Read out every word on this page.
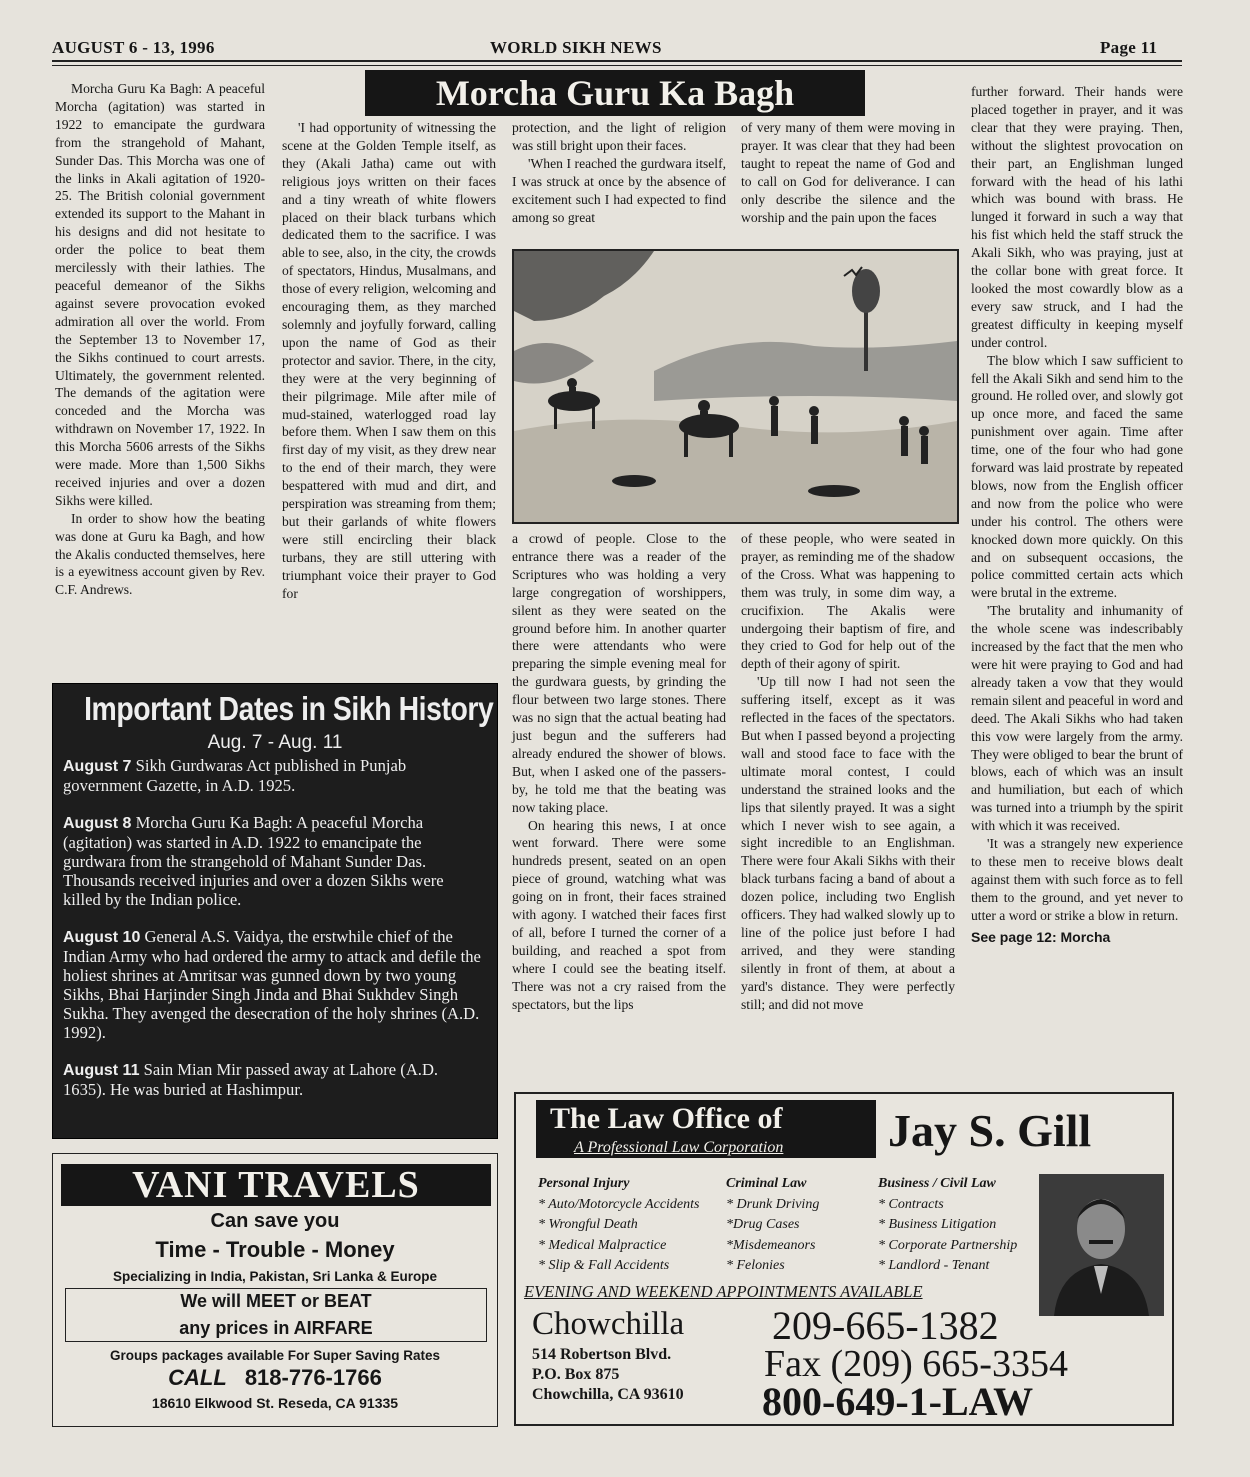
AUGUST 6 - 13, 1996	WORLD SIKH NEWS	Page 11
Morcha Guru Ka Bagh

Morcha Guru Ka Bagh: A peaceful Morcha (agitation) was started in 1922 to emancipate the gurdwara from the strangehold of Mahant, Sunder Das. This Morcha was one of the links in Akali agitation of 1920-25. The British colonial government extended its support to the Mahant in his designs and did not hesitate to order the police to beat them mercilessly with their lathies. The peaceful demeanor of the Sikhs against severe provocation evoked admiration all over the world. From the September 13 to November 17, the Sikhs continued to court arrests. Ultimately, the government relented. The demands of the agitation were conceded and the Morcha was withdrawn on November 17, 1922. In this Morcha 5606 arrests of the Sikhs were made. More than 1,500 Sikhs received injuries and over a dozen Sikhs were killed.

In order to show how the beating was done at Guru ka Bagh, and how the Akalis conducted themselves, here is a eyewitness account given by Rev. C.F. Andrews.

'I had opportunity of witnessing the scene at the Golden Temple itself, as they (Akali Jatha) came out with religious joys written on their faces and a tiny wreath of white flowers placed on their black turbans which dedicated them to the sacrifice. I was able to see, also, in the city, the crowds of spectators, Hindus, Musalmans, and those of every religion, welcoming and encouraging them, as they marched solemnly and joyfully forward, calling upon the name of God as their protector and savior. There, in the city, they were at the very beginning of their pilgrimage. Mile after mile of mud-stained, waterlogged road lay before them. When I saw them on this first day of my visit, as they drew near to the end of their march, they were bespattered with mud and dirt, and perspiration was streaming from them; but their garlands of white flowers were still encircling their black turbans, they are still uttering with triumphant voice their prayer to God for

protection, and the light of religion was still bright upon their faces.

'When I reached the gurdwara itself, I was struck at once by the absence of excitement such I had expected to find among so great

of very many of them were moving in prayer. It was clear that they had been taught to repeat the name of God and to call on God for deliverance. I can only describe the silence and the worship and the pain upon the faces

a crowd of people. Close to the entrance there was a reader of the Scriptures who was holding a very large congregation of worshippers, silent as they were seated on the ground before him. In another quarter there were attendants who were preparing the simple evening meal for the gurdwara guests, by grinding the flour between two large stones. There was no sign that the actual beating had just begun and the sufferers had already endured the shower of blows. But, when I asked one of the passers-by, he told me that the beating was now taking place.

On hearing this news, I at once went forward. There were some hundreds present, seated on an open piece of ground, watching what was going on in front, their faces strained with agony. I watched their faces first of all, before I turned the corner of a building, and reached a spot from where I could see the beating itself. There was not a cry raised from the spectators, but the lips

of these people, who were seated in prayer, as reminding me of the shadow of the Cross. What was happening to them was truly, in some dim way, a crucifixion. The Akalis were undergoing their baptism of fire, and they cried to God for help out of the depth of their agony of spirit.

'Up till now I had not seen the suffering itself, except as it was reflected in the faces of the spectators. But when I passed beyond a projecting wall and stood face to face with the ultimate moral contest, I could understand the strained looks and the lips that silently prayed. It was a sight which I never wish to see again, a sight incredible to an Englishman. There were four Akali Sikhs with their black turbans facing a band of about a dozen police, including two English officers. They had walked slowly up to line of the police just before I had arrived, and they were standing silently in front of them, at about a yard's distance. They were perfectly still; and did not move

further forward. Their hands were placed together in prayer, and it was clear that they were praying. Then, without the slightest provocation on their part, an Englishman lunged forward with the head of his lathi which was bound with brass. He lunged it forward in such a way that his fist which held the staff struck the Akali Sikh, who was praying, just at the collar bone with great force. It looked the most cowardly blow as a every saw struck, and I had the greatest difficulty in keeping myself under control.

The blow which I saw sufficient to fell the Akali Sikh and send him to the ground. He rolled over, and slowly got up once more, and faced the same punishment over again. Time after time, one of the four who had gone forward was laid prostrate by repeated blows, now from the English officer and now from the police who were under his control. The others were knocked down more quickly. On this and on subsequent occasions, the police committed certain acts which were brutal in the extreme.

'The brutality and inhumanity of the whole scene was indescribably increased by the fact that the men who were hit were praying to God and had already taken a vow that they would remain silent and peaceful in word and deed. The Akali Sikhs who had taken this vow were largely from the army. They were obliged to bear the brunt of blows, each of which was an insult and humiliation, but each of which was turned into a triumph by the spirit with which it was received.

'It was a strangely new experience to these men to receive blows dealt against them with such force as to fell them to the ground, and yet never to utter a word or strike a blow in return.

See page 12: Morcha
Important Dates in Sikh History
Aug. 7 - Aug. 11
August 7 Sikh Gurdwaras Act published in Punjab government Gazette, in A.D. 1925.
August 8 Morcha Guru Ka Bagh: A peaceful Morcha (agitation) was started in A.D. 1922 to emancipate the gurdwara from the strangehold of Mahant Sunder Das. Thousands received injuries and over a dozen Sikhs were killed by the Indian police.
August 10 General A.S. Vaidya, the erstwhile chief of the Indian Army who had ordered the army to attack and defile the holiest shrines at Amritsar was gunned down by two young Sikhs, Bhai Harjinder Singh Jinda and Bhai Sukhdev Singh Sukha. They avenged the desecration of the holy shrines (A.D. 1992).
August 11 Sain Mian Mir passed away at Lahore (A.D. 1635). He was buried at Hashimpur.
VANI TRAVELS
Can save you
Time - Trouble - Money
Specializing in India, Pakistan, Sri Lanka & Europe
We will MEET or BEAT
any prices in AIRFARE
Groups packages available For Super Saving Rates
CALL 818-776-1766
18610 Elkwood St. Reseda, CA 91335
The Law Office of
A Professional Law Corporation Jay S. Gill
Personal Injury
* Auto/Motorcycle Accidents
* Wrongful Death
* Medical Malpractice
* Slip & Fall Accidents
Criminal Law
* Drunk Driving
*Drug Cases
*Misdemeanors
* Felonies
Business / Civil Law
* Contracts
* Business Litigation
* Corporate Partnership
* Landlord - Tenant
EVENING AND WEEKEND APPOINTMENTS AVAILABLE
Chowchilla
514 Robertson Blvd.
P.O. Box 875
Chowchilla, CA 93610
209-665-1382
Fax (209) 665-3354
800-649-1-LAW
